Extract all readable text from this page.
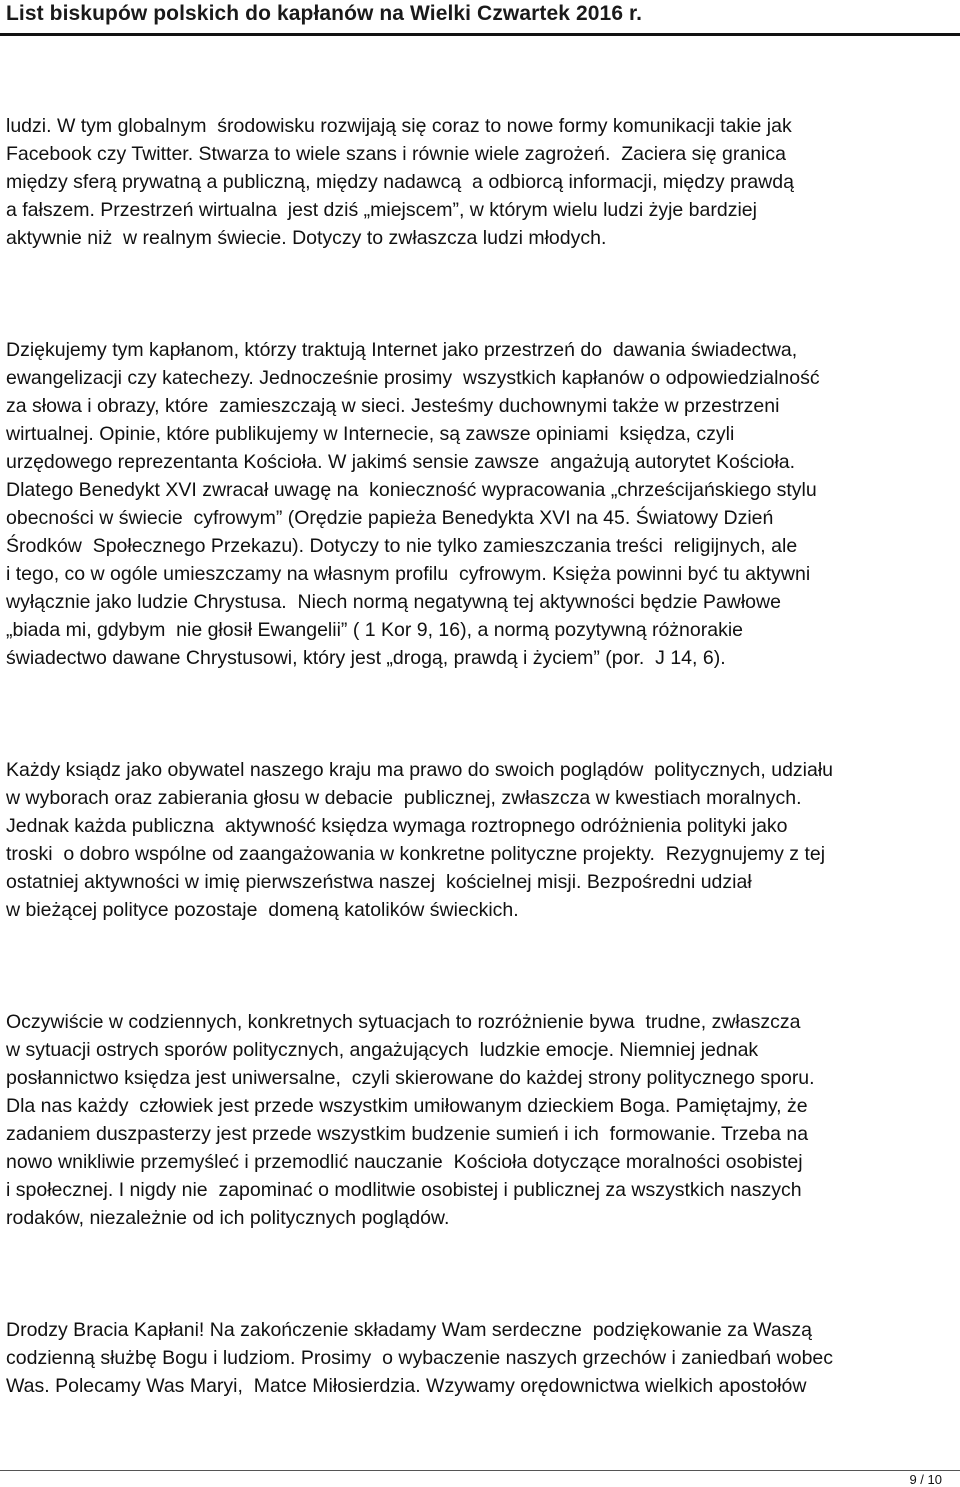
List biskupów polskich do kapłanów na Wielki Czwartek 2016 r.
ludzi. W tym globalnym  środowisku rozwijają się coraz to nowe formy komunikacji takie jak
Facebook czy Twitter. Stwarza to wiele szans i równie wiele zagrożeń.  Zaciera się granica
między sferą prywatną a publiczną, między nadawcą  a odbiorcą informacji, między prawdą
a fałszem. Przestrzeń wirtualna  jest dziś „miejscem”, w którym wielu ludzi żyje bardziej
aktywnie niż  w realnym świecie. Dotyczy to zwłaszcza ludzi młodych.
Dziękujemy tym kapłanom, którzy traktują Internet jako przestrzeń do  dawania świadectwa,
ewangelizacji czy katechezy. Jednocześnie prosimy  wszystkich kapłanów o odpowiedzialność
za słowa i obrazy, które  zamieszczają w sieci. Jesteśmy duchownymi także w przestrzeni
wirtualnej. Opinie, które publikujemy w Internecie, są zawsze opiniami  księdza, czyli
urzędowego reprezentanta Kościoła. W jakimś sensie zawsze  angażują autorytet Kościoła.
Dlatego Benedykt XVI zwracał uwagę na  konieczność wypracowania „chrześcijańskiego stylu
obecności w świecie  cyfrowym” (Orędzie papieża Benedykta XVI na 45. Światowy Dzień
Środków  Społecznego Przekazu). Dotyczy to nie tylko zamieszczania treści  religijnych, ale
i tego, co w ogóle umieszczamy na własnym profilu  cyfrowym. Księża powinni być tu aktywni
wyłącznie jako ludzie Chrystusa.  Niech normą negatywną tej aktywności będzie Pawłowe
„biada mi, gdybym  nie głosił Ewangelii” ( 1 Kor 9, 16), a normą pozytywną różnorakie
świadectwo dawane Chrystusowi, który jest „drogą, prawdą i życiem” (por.  J 14, 6).
Każdy ksiądz jako obywatel naszego kraju ma prawo do swoich poglądów  politycznych, udziału
w wyborach oraz zabierania głosu w debacie  publicznej, zwłaszcza w kwestiach moralnych.
Jednak każda publiczna  aktywność księdza wymaga roztropnego odróżnienia polityki jako
troski  o dobro wspólne od zaangażowania w konkretne polityczne projekty.  Rezygnujemy z tej
ostatniej aktywności w imię pierwszeństwa naszej  kościelnej misji. Bezpośredni udział
w bieżącej polityce pozostaje  domeną katolików świeckich.
Oczywiście w codziennych, konkretnych sytuacjach to rozróżnienie bywa  trudne, zwłaszcza
w sytuacji ostrych sporów politycznych, angażujących  ludzkie emocje. Niemniej jednak
posłannictwo księdza jest uniwersalne,  czyli skierowane do każdej strony politycznego sporu.
Dla nas każdy  człowiek jest przede wszystkim umiłowanym dzieckiem Boga. Pamiętajmy, że
zadaniem duszpasterzy jest przede wszystkim budzenie sumień i ich  formowanie. Trzeba na
nowo wnikliwie przemyśleć i przemodlić nauczanie  Kościoła dotyczące moralności osobistej
i społecznej. I nigdy nie  zapominać o modlitwie osobistej i publicznej za wszystkich naszych
rodaków, niezależnie od ich politycznych poglądów.
Drodzy Bracia Kapłani! Na zakończenie składamy Wam serdeczne  podziękowanie za Waszą
codzienną służbę Bogu i ludziom. Prosimy  o wybaczenie naszych grzechów i zaniedbań wobec
Was. Polecamy Was Maryi,  Matce Miłosierdzia. Wzywamy orędownictwa wielkich apostołów
9 / 10
